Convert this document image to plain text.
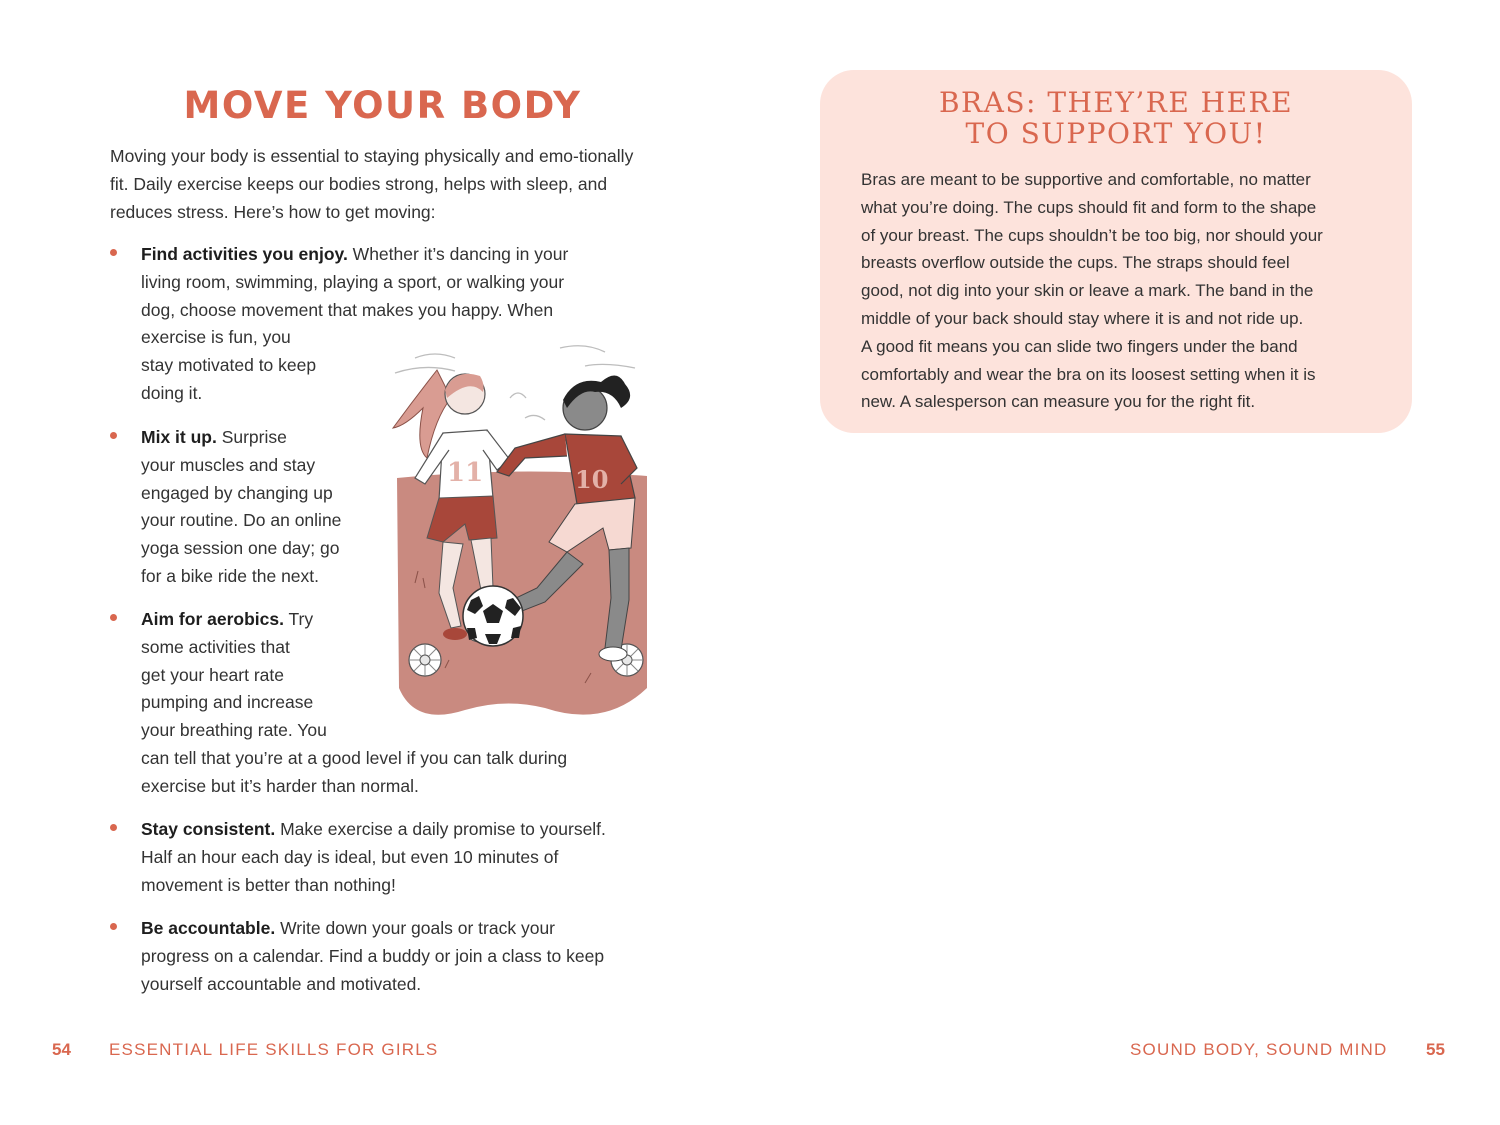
MOVE YOUR BODY

Moving your body is essential to staying physically and emo-tionally fit. Daily exercise keeps our bodies strong, helps with sleep, and reduces stress. Here’s how to get moving:

Find activities you enjoy. Whether it’s dancing in your
living room, swimming, playing a sport, or walking your
dog, choose movement that makes you happy. When
exercise is fun, you
stay motivated to keep
doing it.
Mix it up. Surprise
your muscles and stay
engaged by changing up
your routine. Do an online
yoga session one day; go
for a bike ride the next.
Aim for aerobics. Try
some activities that
get your heart rate
pumping and increase
your breathing rate. You
can tell that you’re at a good level if you can talk during
exercise but it’s harder than normal.
Stay consistent. Make exercise a daily promise to yourself.
Half an hour each day is ideal, but even 10 minutes of
movement is better than nothing!
Be accountable. Write down your goals or track your
progress on a calendar. Find a buddy or join a class to keep
yourself accountable and motivated.
11	10
54 ESSENTIAL LIFE SKILLS FOR GIRLS
BRAS: THEY’RE HERE
TO SUPPORT YOU!
Bras are meant to be supportive and comfortable, no matter
what you’re doing. The cups should fit and form to the shape
of your breast. The cups shouldn’t be too big, nor should your
breasts overflow outside the cups. The straps should feel
good, not dig into your skin or leave a mark. The band in the
middle of your back should stay where it is and not ride up.
A good fit means you can slide two fingers under the band
comfortably and wear the bra on its loosest setting when it is
new. A salesperson can measure you for the right fit.
SOUND BODY, SOUND MIND 55
